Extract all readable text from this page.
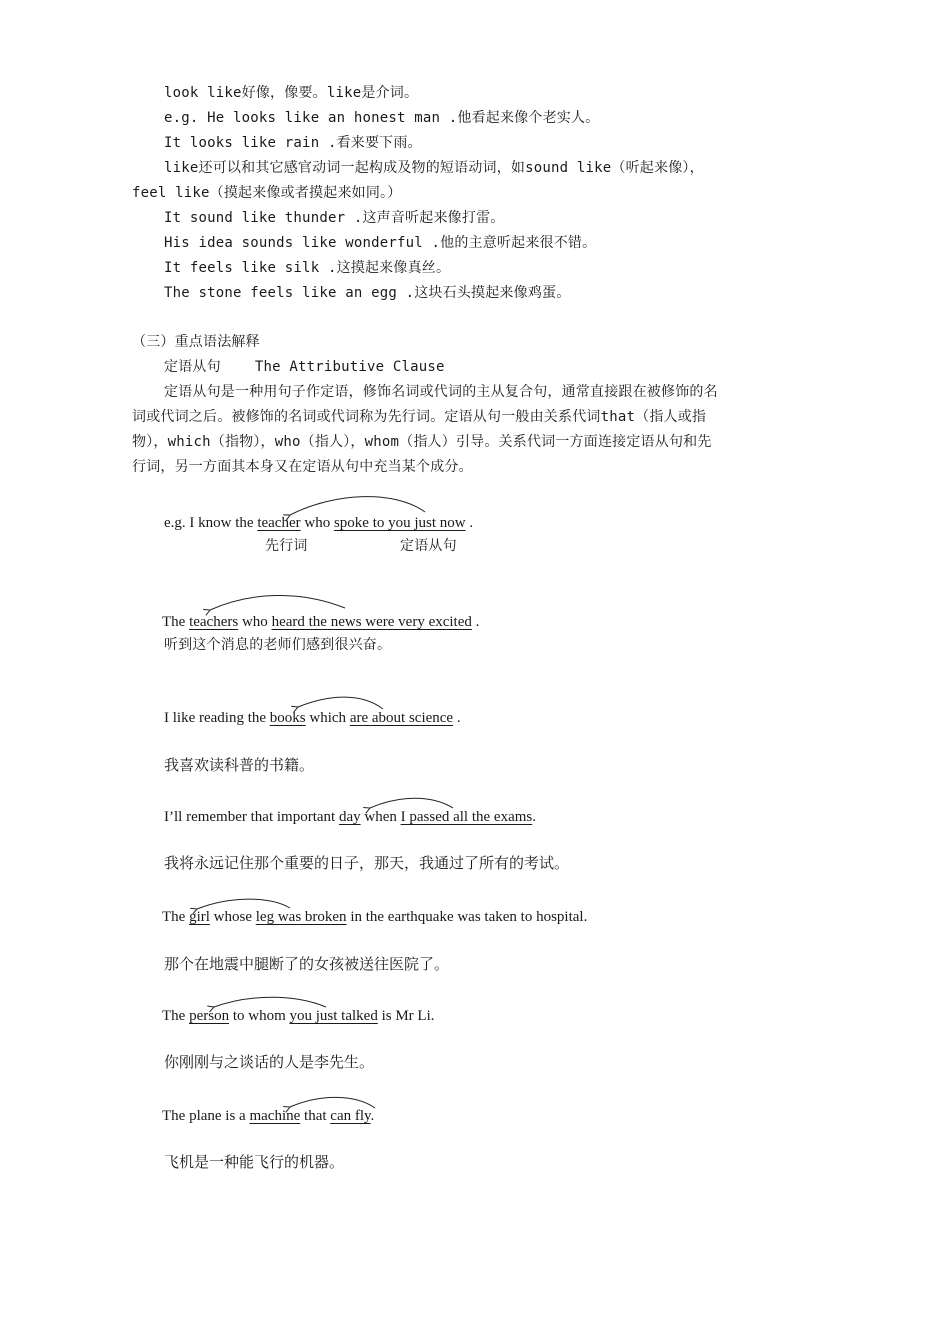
look like好像，像要。like是介词。
e.g. He looks like an honest man .他看起来像个老实人。
It looks like rain .看来要下雨。
like还可以和其它感官动词一起构成及物的短语动词，如sound like（听起来像），
feel like（摸起来像或者摸起来如同。）
It sound like thunder .这声音听起来像打雷。
His idea sounds like wonderful .他的主意听起来很不错。
It feels like silk .这摸起来像真丝。
The stone feels like an egg .这块石头摸起来像鸡蛋。
（三）重点语法解释
定语从句 The Attributive Clause
定语从句是一种用句子作定语，修饰名词或代词的主从复合句，通常直接跟在被修饰的名
词或代词之后。被修饰的名词或代词称为先行词。定语从句一般由关系代词that（指人或指
物），which（指物），who（指人），whom（指人）引导。关系代词一方面连接定语从句和先
行词，另一方面其本身又在定语从句中充当某个成分。
e.g. I know the teacher who spoke to you just now .
先行词	定语从句
The teachers who heard the news were very excited .
听到这个消息的老师们感到很兴奋。
I like reading the books which are about science .
我喜欢读科普的书籍。
I’ll remember that important day when I passed all the exams.
我将永远记住那个重要的日子，那天，我通过了所有的考试。
The girl whose leg was broken in the earthquake was taken to hospital.
那个在地震中腿断了的女孩被送往医院了。
The person to whom you just talked is Mr Li.
你刚刚与之谈话的人是李先生。
The plane is a machine that can fly.
飞机是一种能飞行的机器。
